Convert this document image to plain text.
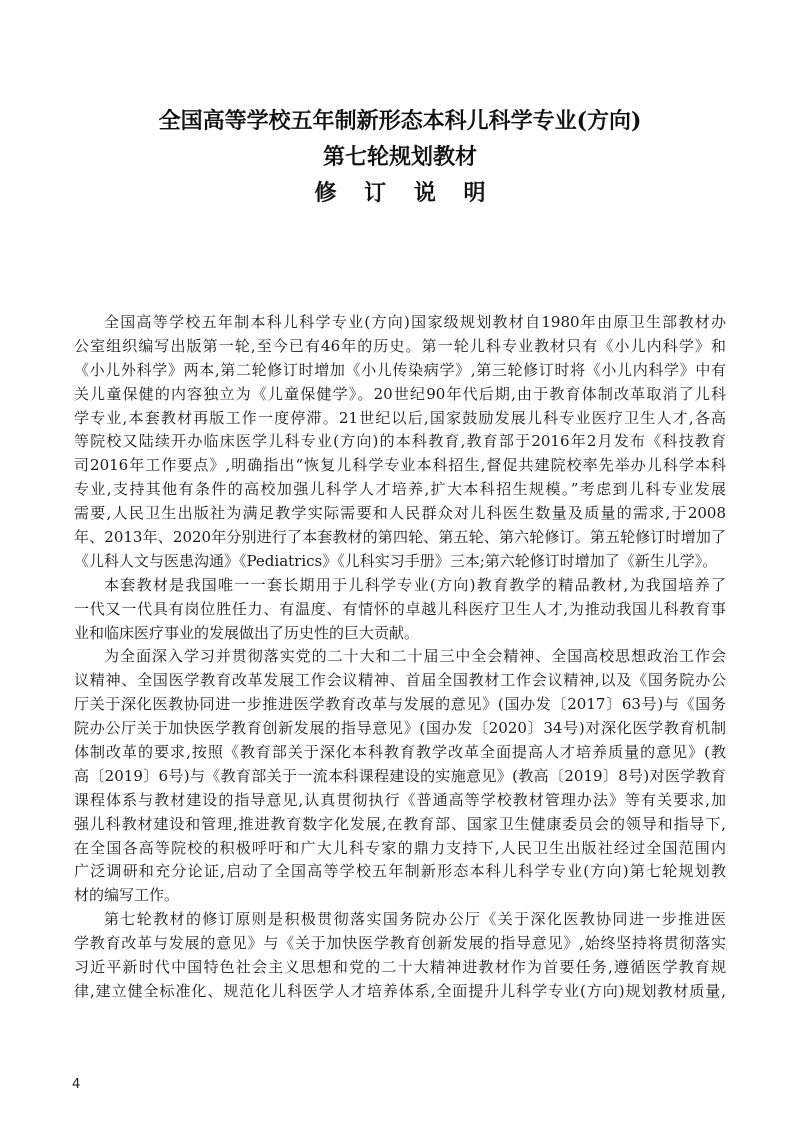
全国高等学校五年制新形态本科儿科学专业(方向)
第七轮规划教材
修 订 说 明
全国高等学校五年制本科儿科学专业(方向)国家级规划教材自1980年由原卫生部教材办
公室组织编写出版第一轮,至今已有46年的历史。第一轮儿科专业教材只有《小儿内科学》和
《小儿外科学》两本,第二轮修订时增加《小儿传染病学》,第三轮修订时将《小儿内科学》中有
关儿童保健的内容独立为《儿童保健学》。20世纪90年代后期,由于教育体制改革取消了儿科
学专业,本套教材再版工作一度停滞。21世纪以后,国家鼓励发展儿科专业医疗卫生人才,各高
等院校又陆续开办临床医学儿科专业(方向)的本科教育,教育部于2016年2月发布《科技教育
司2016年工作要点》,明确指出“恢复儿科学专业本科招生,督促共建院校率先举办儿科学本科
专业,支持其他有条件的高校加强儿科学人才培养,扩大本科招生规模。”考虑到儿科专业发展
需要,人民卫生出版社为满足教学实际需要和人民群众对儿科医生数量及质量的需求,于2008
年、2013年、2020年分别进行了本套教材的第四轮、第五轮、第六轮修订。第五轮修订时增加了
《儿科人文与医患沟通》《Pediatrics》《儿科实习手册》三本;第六轮修订时增加了《新生儿学》。
本套教材是我国唯一一套长期用于儿科学专业(方向)教育教学的精品教材,为我国培养了
一代又一代具有岗位胜任力、有温度、有情怀的卓越儿科医疗卫生人才,为推动我国儿科教育事
业和临床医疗事业的发展做出了历史性的巨大贡献。
为全面深入学习并贯彻落实党的二十大和二十届三中全会精神、全国高校思想政治工作会
议精神、全国医学教育改革发展工作会议精神、首届全国教材工作会议精神,以及《国务院办公
厅关于深化医教协同进一步推进医学教育改革与发展的意见》(国办发〔2017〕63号)与《国务
院办公厅关于加快医学教育创新发展的指导意见》(国办发〔2020〕34号)对深化医学教育机制
体制改革的要求,按照《教育部关于深化本科教育教学改革全面提高人才培养质量的意见》(教
高〔2019〕6号)与《教育部关于一流本科课程建设的实施意见》(教高〔2019〕8号)对医学教育
课程体系与教材建设的指导意见,认真贯彻执行《普通高等学校教材管理办法》等有关要求,加
强儿科教材建设和管理,推进教育数字化发展,在教育部、国家卫生健康委员会的领导和指导下,
在全国各高等院校的积极呼吁和广大儿科专家的鼎力支持下,人民卫生出版社经过全国范围内
广泛调研和充分论证,启动了全国高等学校五年制新形态本科儿科学专业(方向)第七轮规划教
材的编写工作。
第七轮教材的修订原则是积极贯彻落实国务院办公厅《关于深化医教协同进一步推进医
学教育改革与发展的意见》与《关于加快医学教育创新发展的指导意见》,始终坚持将贯彻落实
习近平新时代中国特色社会主义思想和党的二十大精神进教材作为首要任务,遵循医学教育规
律,建立健全标准化、规范化儿科医学人才培养体系,全面提升儿科学专业(方向)规划教材质量,
4
